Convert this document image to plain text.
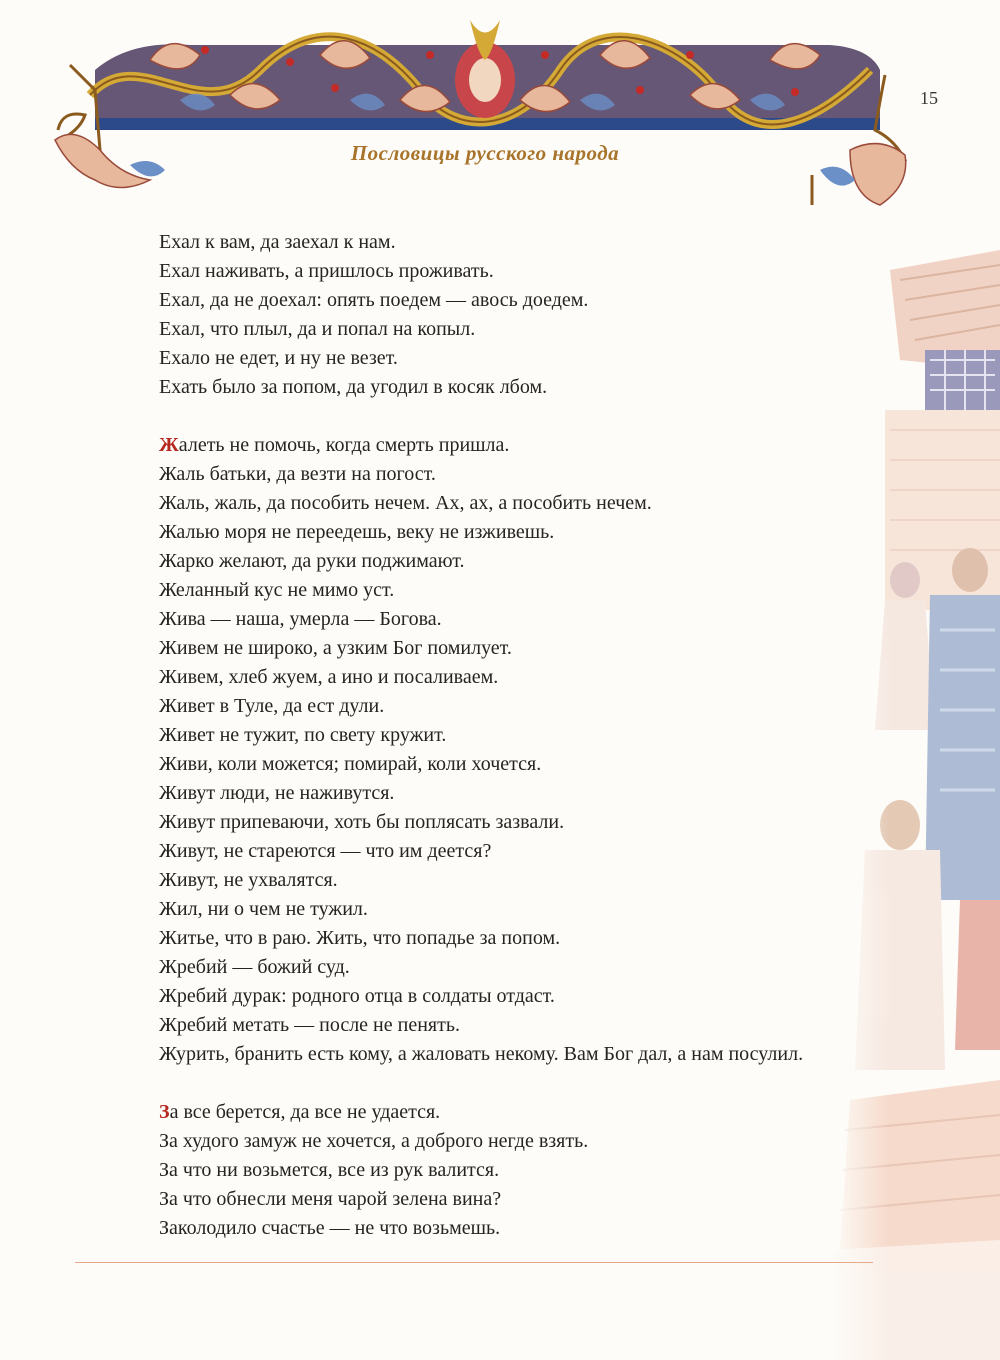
Пословицы русского народа
15
Ехал к вам, да заехал к нам.
Ехал наживать, а пришлось проживать.
Ехал, да не доехал: опять поедем — авось доедем.
Ехал, что плыл, да и попал на копыл.
Ехало не едет, и ну не везет.
Ехать было за попом, да угодил в косяк лбом.
Жалеть не помочь, когда смерть пришла.
Жаль батьки, да везти на погост.
Жаль, жаль, да пособить нечем. Ах, ах, а пособить нечем.
Жалью моря не переедешь, веку не изживешь.
Жарко желают, да руки поджимают.
Желанный кус не мимо уст.
Жива — наша, умерла — Богова.
Живем не широко, а узким Бог помилует.
Живем, хлеб жуем, а ино и посаливаем.
Живет в Туле, да ест дули.
Живет не тужит, по свету кружит.
Живи, коли можется; помирай, коли хочется.
Живут люди, не наживутся.
Живут припеваючи, хоть бы поплясать зазвали.
Живут, не стареются — что им деется?
Живут, не ухвалятся.
Жил, ни о чем не тужил.
Житье, что в раю. Жить, что попадье за попом.
Жребий — божий суд.
Жребий дурак: родного отца в солдаты отдаст.
Жребий метать — после не пенять.
Журить, бранить есть кому, а жаловать некому. Вам Бог дал, а нам посулил.
За все берется, да все не удается.
За худого замуж не хочется, а доброго негде взять.
За что ни возьмется, все из рук валится.
За что обнесли меня чарой зелена вина?
Заколодило счастье — не что возьмешь.
